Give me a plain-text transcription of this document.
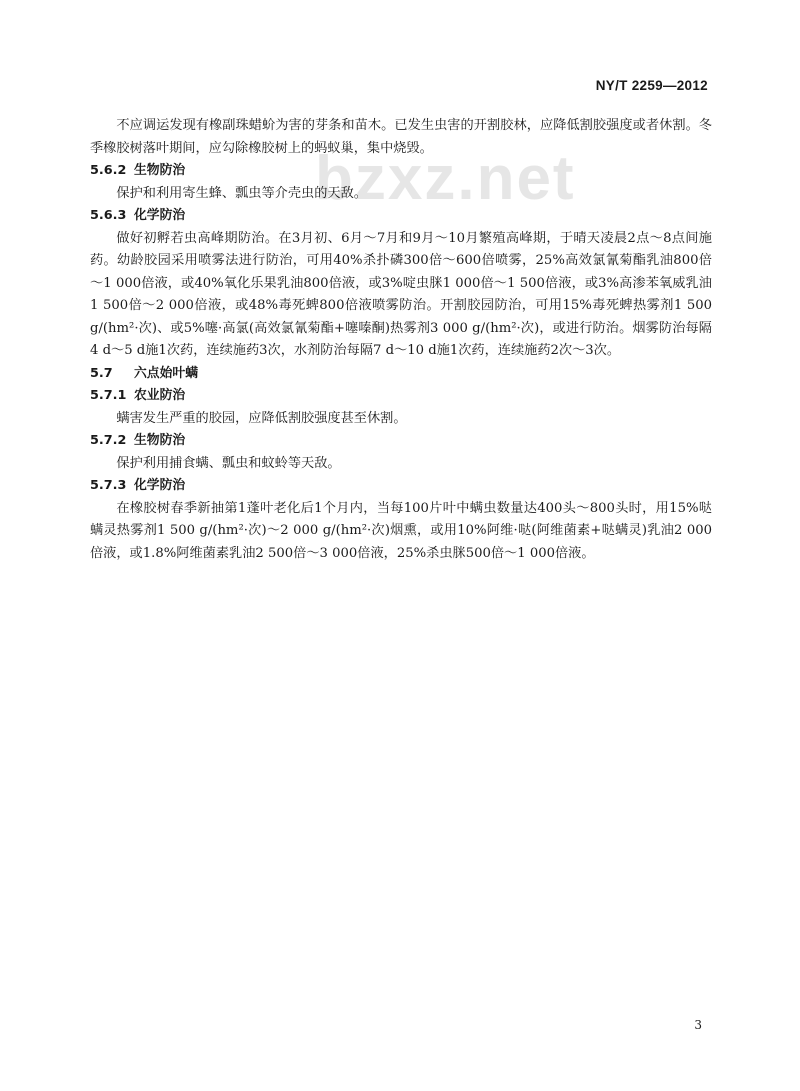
NY/T 2259—2012
bzxz.net

不应调运发现有橡副珠蜡蚧为害的芽条和苗木。已发生虫害的开割胶林，应降低割胶强度或者休割。冬季橡胶树落叶期间，应勾除橡胶树上的蚂蚁巢，集中烧毁。

5.6.2 生物防治

保护和利用寄生蜂、瓢虫等介壳虫的天敌。

5.6.3 化学防治

做好初孵若虫高峰期防治。在3月初、6月～7月和9月～10月繁殖高峰期，于晴天凌晨2点～8点间施药。幼龄胶园采用喷雾法进行防治，可用40%杀扑磷300倍～600倍喷雾，25%高效氯氰菊酯乳油800倍～1 000倍液，或40%氧化乐果乳油800倍液，或3%啶虫脒1 000倍～1 500倍液，或3%高渗苯氧威乳油1 500倍～2 000倍液，或48%毒死蜱800倍液喷雾防治。开割胶园防治，可用15%毒死蜱热雾剂1 500 g/(hm²·次)、或5%噻·高氯(高效氯氰菊酯+噻嗪酮)热雾剂3 000 g/(hm²·次)，或进行防治。烟雾防治每隔4 d～5 d施1次药，连续施药3次，水剂防治每隔7 d～10 d施1次药，连续施药2次～3次。

5.7 六点始叶螨

5.7.1 农业防治

螨害发生严重的胶园，应降低割胶强度甚至休割。

5.7.2 生物防治

保护利用捕食螨、瓢虫和蚊蛉等天敌。

5.7.3 化学防治

在橡胶树春季新抽第1蓬叶老化后1个月内，当每100片叶中螨虫数量达400头～800头时，用15%哒螨灵热雾剂1 500 g/(hm²·次)～2 000 g/(hm²·次)烟熏，或用10%阿维·哒(阿维菌素+哒螨灵)乳油2 000倍液，或1.8%阿维菌素乳油2 500倍～3 000倍液，25%杀虫脒500倍～1 000倍液。

3
